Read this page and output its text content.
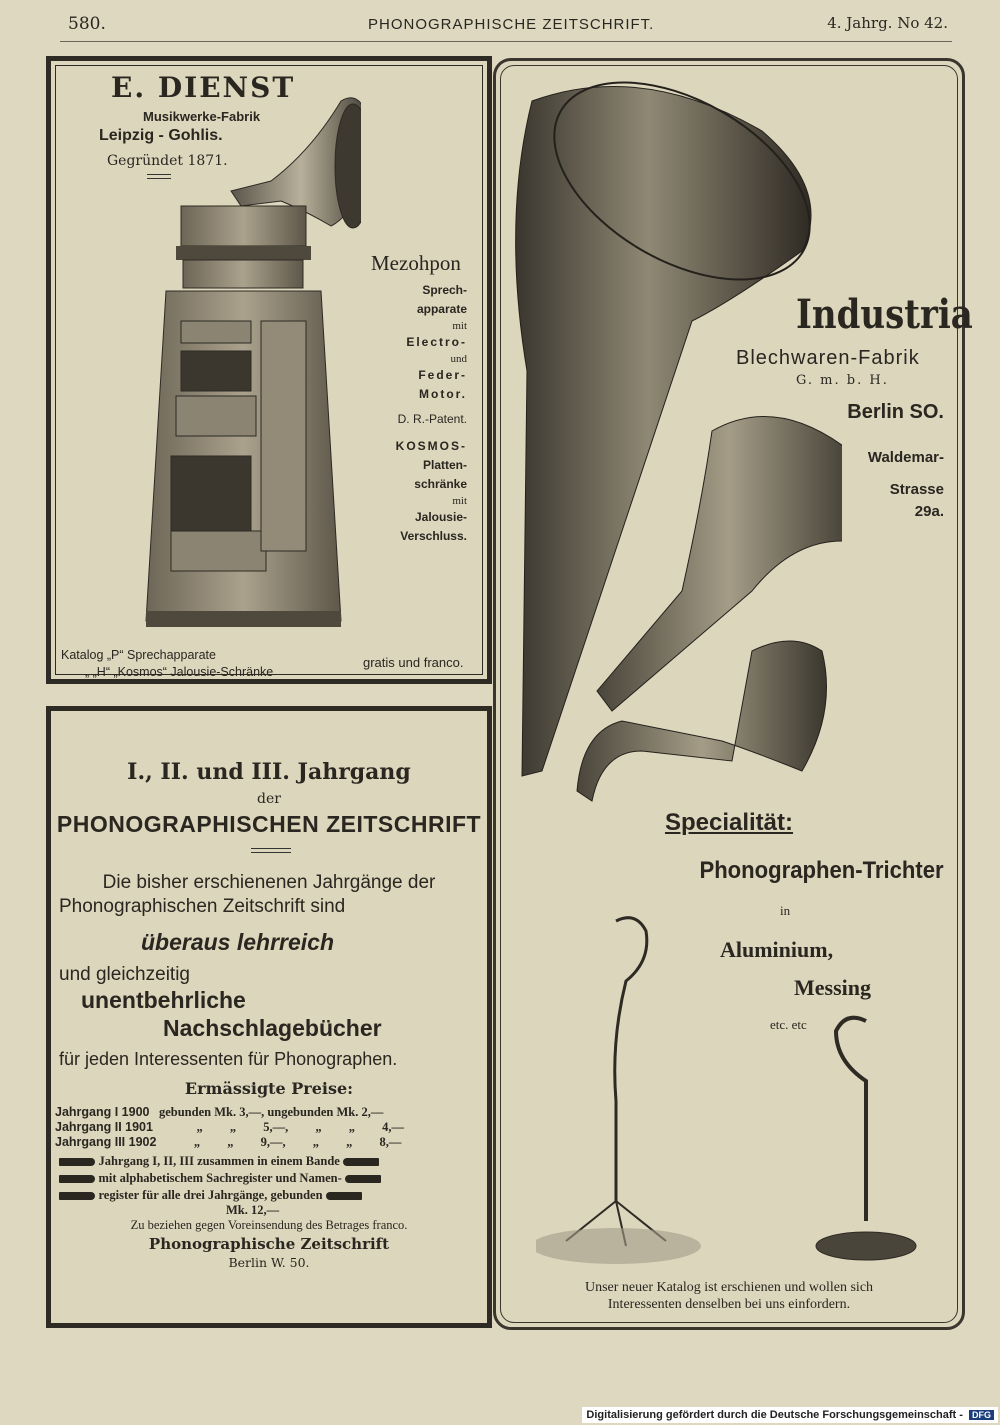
580.	PHONOGRAPHISCHE ZEITSCHRIFT.	4. Jahrg. No 42.
E. DIENST
Musikwerke-Fabrik
Leipzig - Gohlis.
Gegründet 1871.
Mezohpon
Sprech-
apparate
mit
Electro-
und
Feder-
Motor.
D. R.-Patent.
KOSMOS-
Platten-
schränke
mit
Jalousie-
Verschluss.
Katalog „P“ Sprechapparate
„ „H“ „Kosmos“ Jalousie-Schränke
gratis und franco.
I., II. und III. Jahrgang
der
PHONOGRAPHISCHEN ZEITSCHRIFT
Die bisher erschienenen Jahrgänge der
Phonographischen Zeitschrift sind
überaus lehrreich
und gleichzeitig
unentbehrliche
Nachschlagebücher
für jeden Interessenten für Phonographen.
Ermässigte Preise:
Jahrgang I 1900 gebunden Mk. 3,—, ungebunden Mk. 2,—
Jahrgang II 1901	„ „ 5,—, „ „ 4,—
Jahrgang III 1902	„ „ 9,—, „ „ 8,—
Jahrgang I, II, III zusammen in einem Bande
mit alphabetischem Sachregister und Namen-
register für alle drei Jahrgänge, gebunden
Mk. 12,—
Zu beziehen gegen Voreinsendung des Betrages franco.
Phonographische Zeitschrift
Berlin W. 50.
Industria
Blechwaren-Fabrik
G. m. b. H.
Berlin SO.
Waldemar-
Strasse
29a.
Specialität:
Phonographen-Trichter
in
Aluminium,
Messing
etc. etc
Unser neuer Katalog ist erschienen und wollen sich
Interessenten denselben bei uns einfordern.
Digitalisierung gefördert durch die Deutsche Forschungsgemeinschaft - DFG
